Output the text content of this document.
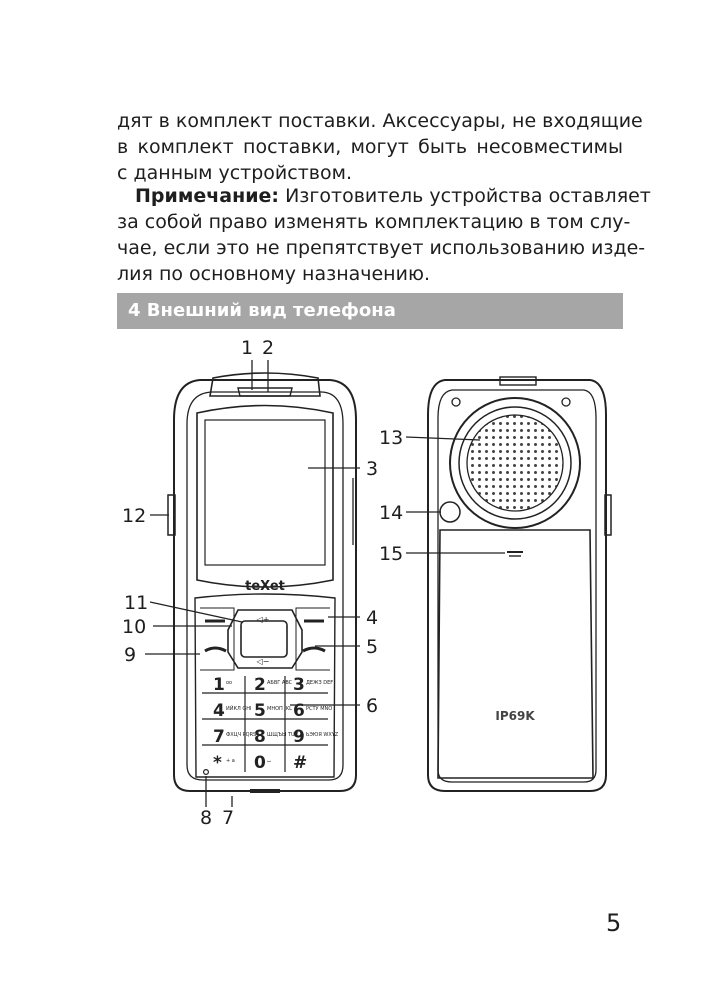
дят в комплект поставки. Аксессуары, не входящие
в комплект поставки, могут быть несовместимы
с данным устройством.

Примечание: Изготовитель устройства оставляет
за собой право изменять комплектацию в том слу-
чае, если это не препятствует использованию изде-
лия по основному назначению.

4 Внешний вид телефона
teXet
◁+
◁−
1 oo 2 АБВГ ABC 3 ДЕЖЗ DEF
4 ИЙКЛ GHI 5 МНОП JKL 6 РСТУ MNO
7 ФХЦЧ PQRS
8 ШЩЪЫ TUV
9 ЬЭЮЯ WXYZ
* + a 0 ⌴ #
IP69K
1 2
3
4
5
6
7
8
9
10
11
12
13
14
15
5
